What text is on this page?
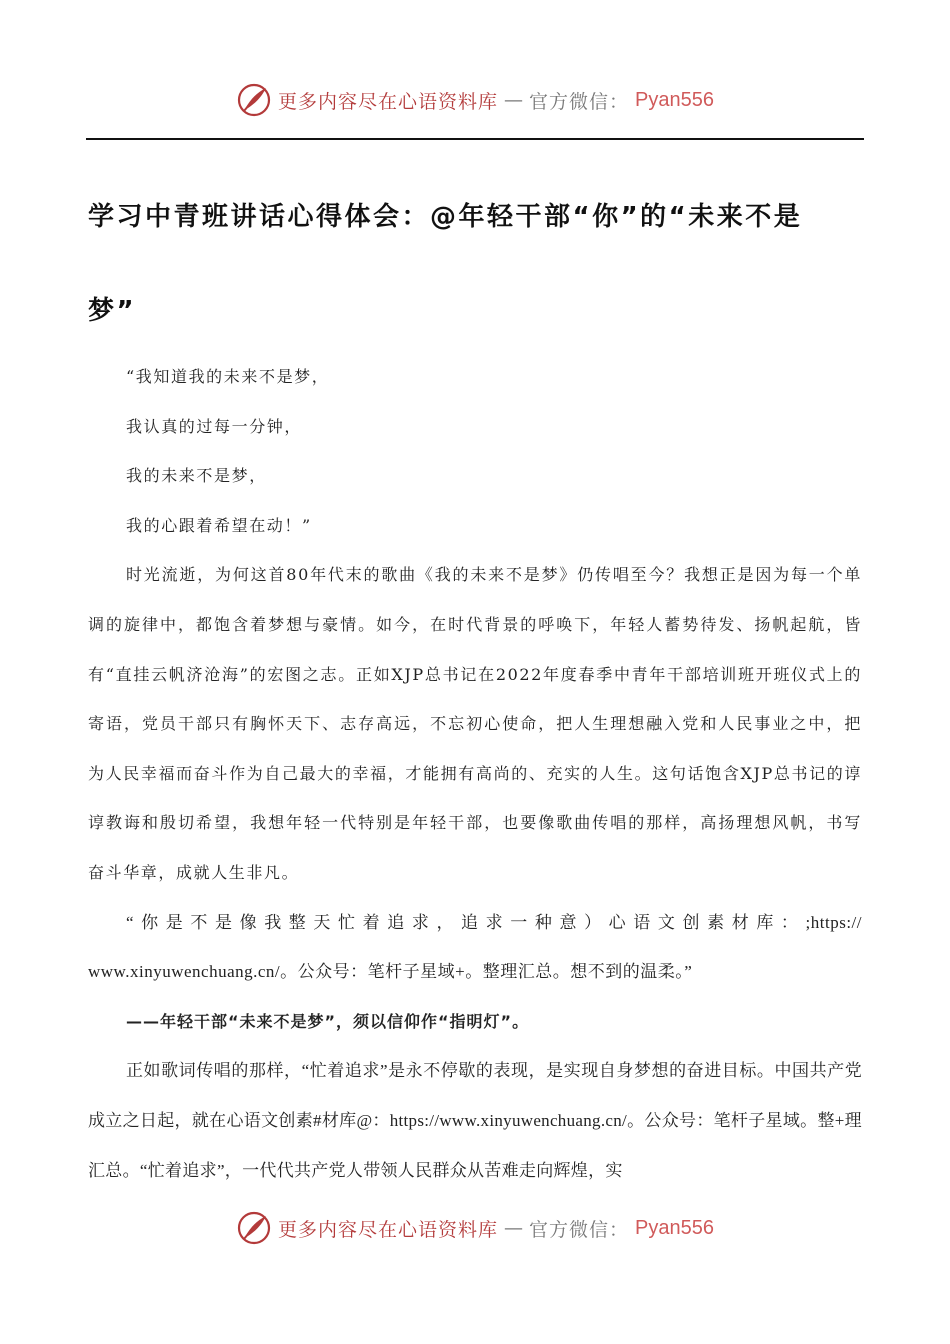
更多内容尽在心语资料库 — 官方微信： Pyan556
学习中青班讲话心得体会：@年轻干部“你”的“未来不是
梦”

“我知道我的未来不是梦，

我认真的过每一分钟，

我的未来不是梦，

我的心跟着希望在动！”

时光流逝，为何这首80年代末的歌曲《我的未来不是梦》仍传唱至今？我想正是因为每一个单调的旋律中，都饱含着梦想与豪情。如今，在时代背景的呼唤下，年轻人蓄势待发、扬帆起航，皆有“直挂云帆济沧海”的宏图之志。正如XJP总书记在2022年度春季中青年干部培训班开班仪式上的寄语，党员干部只有胸怀天下、志存高远，不忘初心使命，把人生理想融入党和人民事业之中，把为人民幸福而奋斗作为自己最大的幸福，才能拥有高尚的、充实的人生。这句话饱含XJP总书记的谆谆教诲和殷切希望，我想年轻一代特别是年轻干部，也要像歌曲传唱的那样，高扬理想风帆，书写奋斗华章，成就人生非凡。

“你是不是像我整天忙着追求，追求一种意）心语文创素材库：;https://

www.xinyuwenchuang.cn/。公众号：笔杆子星域+。整理汇总。想不到的温柔。”

——年轻干部“未来不是梦”，须以信仰作“指明灯”。

正如歌词传唱的那样，“忙着追求”是永不停歇的表现，是实现自身梦想的奋进目标。中国共产党成立之日起，就在心语文创素#材库@：https://www.xinyuwenchuang.cn/。公众号：笔杆子星域。整+理汇总。“忙着追求”，一代代共产党人带领人民群众从苦难走向辉煌，实

更多内容尽在心语资料库 — 官方微信： Pyan556
